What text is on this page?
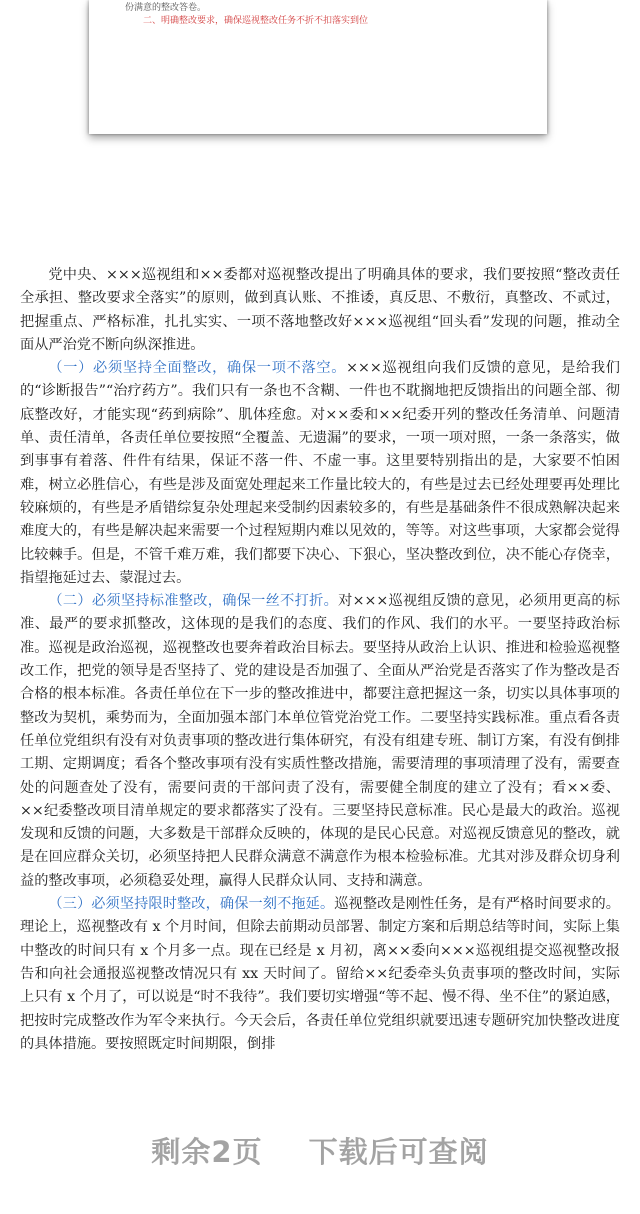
份满意的整改答卷。
二、明确整改要求，确保巡视整改任务不折不扣落实到位

党中央、×××巡视组和××委都对巡视整改提出了明确具体的要求，我们要按照“整改责任全承担、整改要求全落实”的原则，做到真认账、不推诿，真反思、不敷衍，真整改、不贰过，把握重点、严格标准，扎扎实实、一项不落地整改好×××巡视组“回头看”发现的问题，推动全面从严治党不断向纵深推进。

（一）必须坚持全面整改，确保一项不落空。×××巡视组向我们反馈的意见，是给我们的“诊断报告”“治疗药方”。我们只有一条也不含糊、一件也不耽搁地把反馈指出的问题全部、彻底整改好，才能实现“药到病除”、肌体痊愈。对××委和××纪委开列的整改任务清单、问题清单、责任清单，各责任单位要按照“全覆盖、无遗漏”的要求，一项一项对照，一条一条落实，做到事事有着落、件件有结果，保证不落一件、不虚一事。这里要特别指出的是，大家要不怕困难，树立必胜信心，有些是涉及面宽处理起来工作量比较大的，有些是过去已经处理要再处理比较麻烦的，有些是矛盾错综复杂处理起来受制约因素较多的，有些是基础条件不很成熟解决起来难度大的，有些是解决起来需要一个过程短期内难以见效的，等等。对这些事项，大家都会觉得比较棘手。但是，不管千难万难，我们都要下决心、下狠心，坚决整改到位，决不能心存侥幸，指望拖延过去、蒙混过去。

（二）必须坚持标准整改，确保一丝不打折。对×××巡视组反馈的意见，必须用更高的标准、最严的要求抓整改，这体现的是我们的态度、我们的作风、我们的水平。一要坚持政治标准。巡视是政治巡视，巡视整改也要奔着政治目标去。要坚持从政治上认识、推进和检验巡视整改工作，把党的领导是否坚持了、党的建设是否加强了、全面从严治党是否落实了作为整改是否合格的根本标准。各责任单位在下一步的整改推进中，都要注意把握这一条，切实以具体事项的整改为契机，乘势而为，全面加强本部门本单位管党治党工作。二要坚持实践标准。重点看各责任单位党组织有没有对负责事项的整改进行集体研究，有没有组建专班、制订方案，有没有倒排工期、定期调度；看各个整改事项有没有实质性整改措施，需要清理的事项清理了没有，需要查处的问题查处了没有，需要问责的干部问责了没有，需要健全制度的建立了没有；看××委、××纪委整改项目清单规定的要求都落实了没有。三要坚持民意标准。民心是最大的政治。巡视发现和反馈的问题，大多数是干部群众反映的，体现的是民心民意。对巡视反馈意见的整改，就是在回应群众关切，必须坚持把人民群众满意不满意作为根本检验标准。尤其对涉及群众切身利益的整改事项，必须稳妥处理，赢得人民群众认同、支持和满意。

（三）必须坚持限时整改，确保一刻不拖延。巡视整改是刚性任务，是有严格时间要求的。理论上，巡视整改有 x 个月时间，但除去前期动员部署、制定方案和后期总结等时间，实际上集中整改的时间只有 x 个月多一点。现在已经是 x 月初，离××委向×××巡视组提交巡视整改报告和向社会通报巡视整改情况只有 xx 天时间了。留给××纪委牵头负责事项的整改时间，实际上只有 x 个月了，可以说是“时不我待”。我们要切实增强“等不起、慢不得、坐不住”的紧迫感，把按时完成整改作为军令来执行。今天会后，各责任单位党组织就要迅速专题研究加快整改进度的具体措施。要按照既定时间期限，倒排

剩余2页 下载后可查阅
